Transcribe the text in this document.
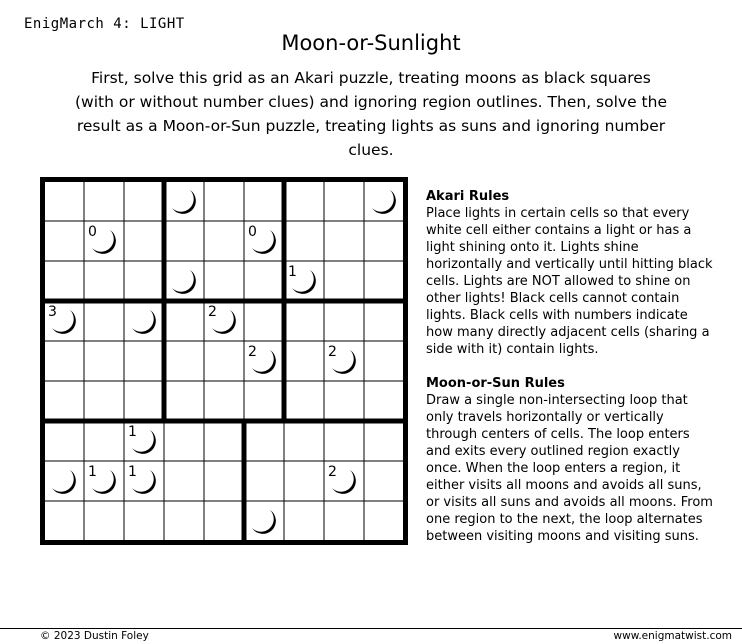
EnigMarch 4: LIGHT
Moon-or-Sunlight
First, solve this grid as an Akari puzzle, treating moons as black squares (with or without number clues) and ignoring region outlines. Then, solve the result as a Moon-or-Sun puzzle, treating lights as suns and ignoring number clues.
0	0
1
3	2
2	2
1
1 1	2
Akari Rules

Place lights in certain cells so that every white cell either contains a light or has a light shining onto it. Lights shine horizontally and vertically until hitting black cells. Lights are NOT allowed to shine on other lights! Black cells cannot contain lights. Black cells with numbers indicate how many directly adjacent cells (sharing a side with it) contain lights.

Moon-or-Sun Rules

Draw a single non-intersecting loop that only travels horizontally or vertically through centers of cells. The loop enters and exits every outlined region exactly once. When the loop enters a region, it either visits all moons and avoids all suns, or visits all suns and avoids all moons. From one region to the next, the loop alternates between visiting moons and visiting suns.

© 2023 Dustin Foley	www.enigmatwist.com
